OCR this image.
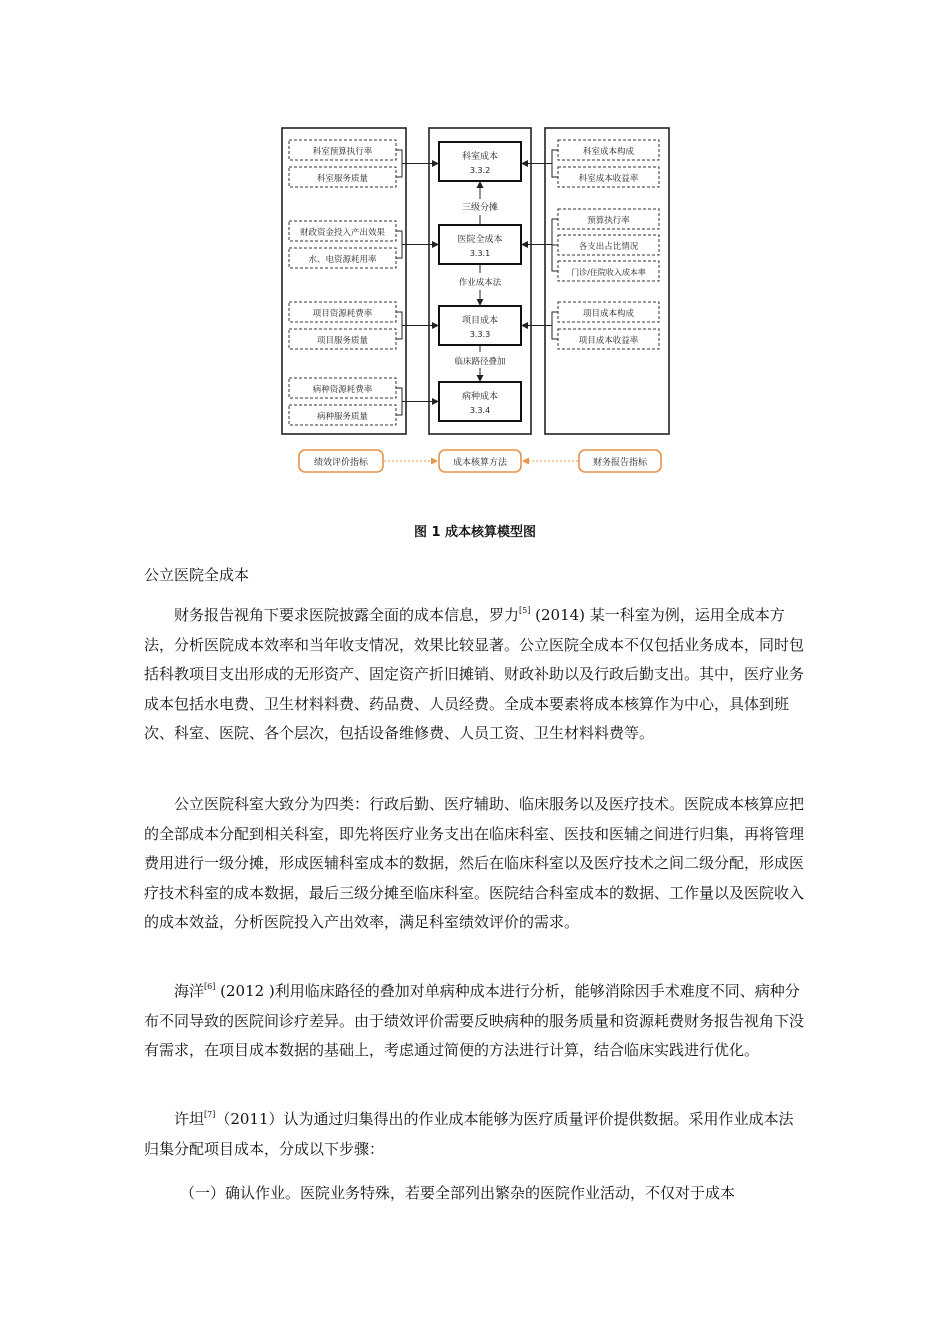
科室预算执行率
科室服务质量
财政资金投入产出效果
水、电资源耗用率
项目资源耗费率
项目服务质量
病种资源耗费率
病种服务质量
科室成本
3.3.2
医院全成本
3.3.1
项目成本
3.3.3
病种成本
3.3.4
三级分摊
作业成本法
临床路径叠加
科室成本构成
科室成本收益率
预算执行率
各支出占比情况
门诊/住院收入成本率
项目成本构成
项目成本收益率
绩效评价指标	成本核算方法	财务报告指标
图 1 成本核算模型图
公立医院全成本

财务报告视角下要求医院披露全面的成本信息，罗力[5] (2014) 某一科室为例，运用全成本方法，分析医院成本效率和当年收支情况，效果比较显著。公立医院全成本不仅包括业务成本，同时包括科教项目支出形成的无形资产、固定资产折旧摊销、财政补助以及行政后勤支出。其中，医疗业务成本包括水电费、卫生材料料费、药品费、人员经费。全成本要素将成本核算作为中心，具体到班次、科室、医院、各个层次，包括设备维修费、人员工资、卫生材料料费等。

公立医院科室大致分为四类：行政后勤、医疗辅助、临床服务以及医疗技术。医院成本核算应把的全部成本分配到相关科室，即先将医疗业务支出在临床科室、医技和医辅之间进行归集，再将管理费用进行一级分摊，形成医辅科室成本的数据，然后在临床科室以及医疗技术之间二级分配，形成医疗技术科室的成本数据，最后三级分摊至临床科室。医院结合科室成本的数据、工作量以及医院收入的成本效益，分析医院投入产出效率，满足科室绩效评价的需求。

海洋[6] (2012 )利用临床路径的叠加对单病种成本进行分析，能够消除因手术难度不同、病种分布不同导致的医院间诊疗差异。由于绩效评价需要反映病种的服务质量和资源耗费财务报告视角下没有需求，在项目成本数据的基础上，考虑通过简便的方法进行计算，结合临床实践进行优化。

许坦[7]（2011）认为通过归集得出的作业成本能够为医疗质量评价提供数据。采用作业成本法归集分配项目成本，分成以下步骤：

（一）确认作业。医院业务特殊，若要全部列出繁杂的医院作业活动，不仅对于成本
